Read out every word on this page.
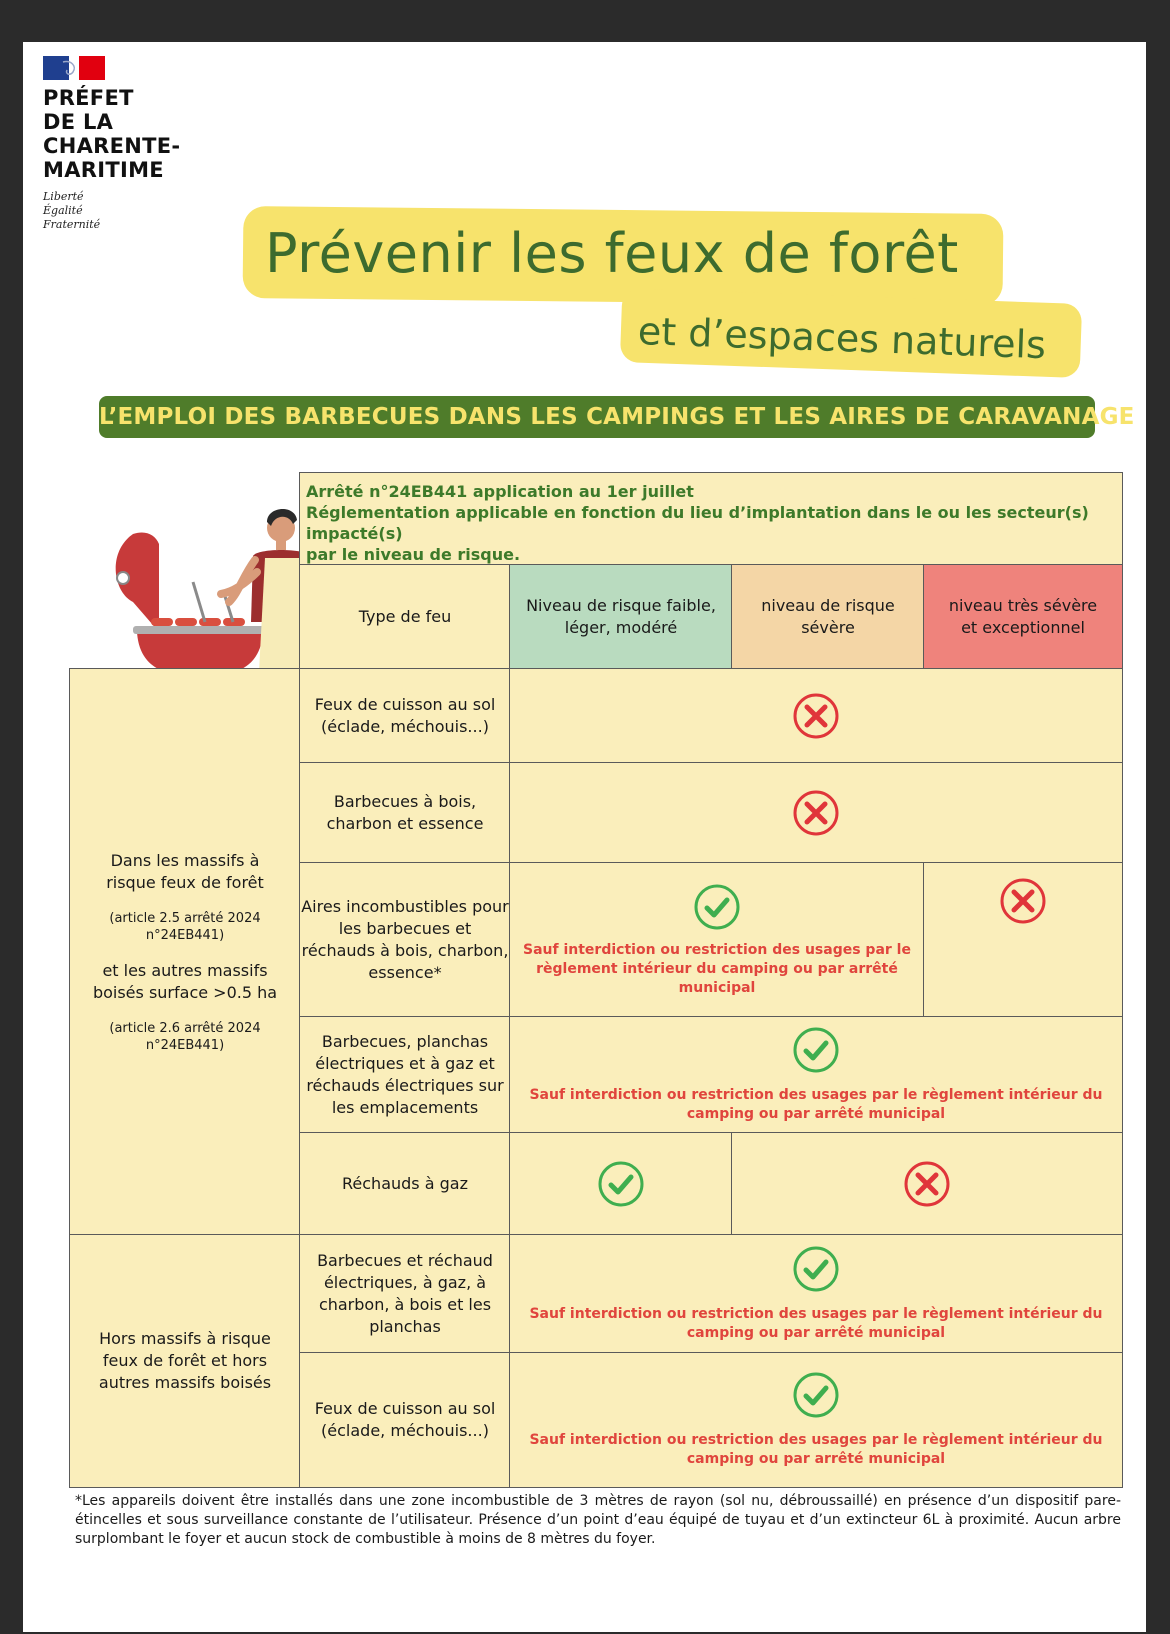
PRÉFET
DE LA
CHARENTE-
MARITIME
Liberté
Égalité
Fraternité	Prévenir les feux de forêt
et d’espaces naturels
L’EMPLOI DES BARBECUES DANS LES CAMPINGS ET LES AIRES DE CARAVANAGE
Arrêté n°24EB441 application au 1er juillet
Réglementation applicable en fonction du lieu d’implantation dans le ou les secteur(s) impacté(s)
par le niveau de risque.
Type de feu
Niveau de risque faible,
léger, modéré
niveau de risque
sévère
niveau très sévère
et exceptionnel
Dans les massifs à
risque feux de forêt
(article 2.5 arrêté 2024
n°24EB441)
et les autres massifs
boisés surface >0.5 ha
(article 2.6 arrêté 2024
n°24EB441)
Feux de cuisson au sol
(éclade, méchouis...)
Barbecues à bois,
charbon et essence
Aires incombustibles pour
les barbecues et
réchauds à bois, charbon,
essence*
Sauf interdiction ou restriction des usages par le
règlement intérieur du camping ou par arrêté municipal
Barbecues, planchas
électriques et à gaz et
réchauds électriques sur
les emplacements
Sauf interdiction ou restriction des usages par le règlement intérieur du
camping ou par arrêté municipal
Réchauds à gaz
Hors massifs à risque
feux de forêt et hors
autres massifs boisés
Barbecues et réchaud
électriques, à gaz, à
charbon, à bois et les
planchas
Sauf interdiction ou restriction des usages par le règlement intérieur du
camping ou par arrêté municipal
Feux de cuisson au sol
(éclade, méchouis...)	Sauf interdiction ou restriction des usages par le règlement intérieur du
camping ou par arrêté municipal
*Les appareils doivent être installés dans une zone incombustible de 3 mètres de rayon (sol nu, débroussaillé) en présence d’un dispositif pare-étincelles et sous surveillance constante de l’utilisateur. Présence d’un point d’eau équipé de tuyau et d’un extincteur 6L à proximité. Aucun arbre surplombant le foyer et aucun stock de combustible à moins de 8 mètres du foyer.
